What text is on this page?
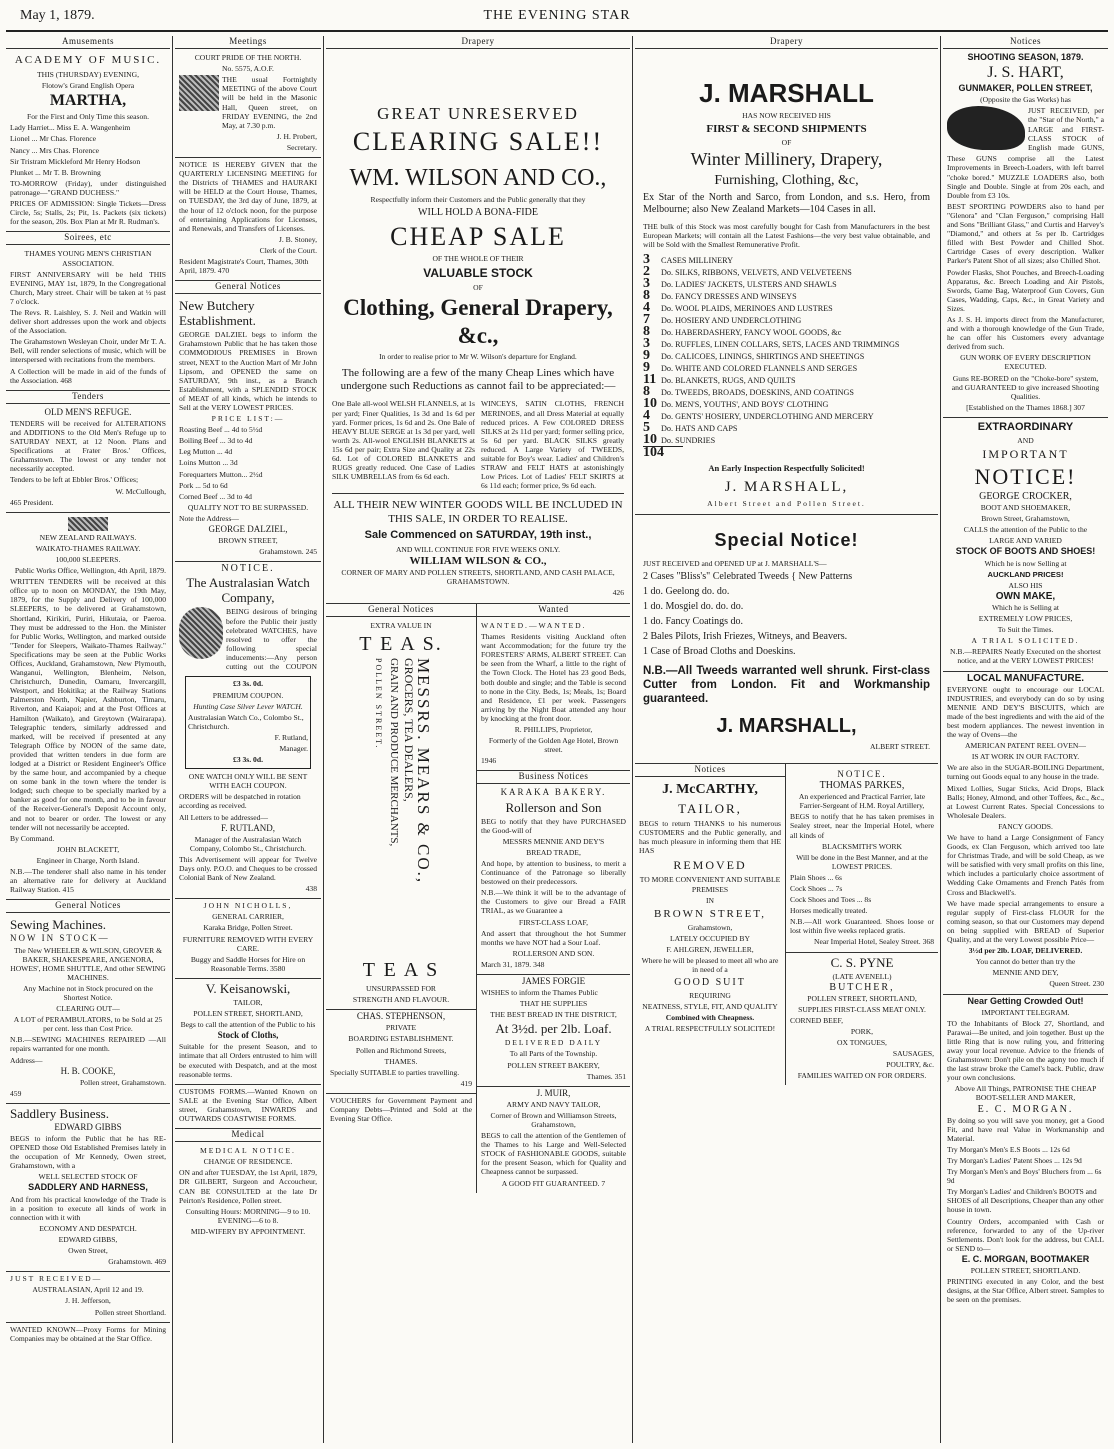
May 1, 1879.	THE EVENING STAR
Amusements

ACADEMY OF MUSIC.

THIS (THURSDAY) EVENING,

Flotow's Grand English Opera

MARTHA,

For the First and Only Time this season.

Lady Harriet... Miss E. A. Wangenheim

Lionel ... Mr Chas. Florence

Nancy ... Mrs Chas. Florence

Sir Tristram Mickleford Mr Henry Hodson

Plunket ... Mr T. B. Browning

TO-MORROW (Friday), under distinguished patronage—"GRAND DUCHESS."

PRICES OF ADMISSION: Single Tickets—Dress Circle, 5s; Stalls, 2s; Pit, 1s. Packets (six tickets) for the season, 20s. Box Plan at Mr R. Rudman's.

Soirees, etc

THAMES YOUNG MEN'S CHRISTIAN ASSOCIATION.

FIRST ANNIVERSARY will be held THIS EVENING, MAY 1st, 1879, In the Congregational Church, Mary street. Chair will be taken at ½ past 7 o'clock.

The Revs. R. Laishley, S. J. Neil and Watkin will deliver short addresses upon the work and objects of the Association.

The Grahamstown Wesleyan Choir, under Mr T. A. Bell, will render selections of music, which will be interspersed with recitations from the members.

A Collection will be made in aid of the funds of the Association. 468

Tenders

OLD MEN'S REFUGE.

TENDERS will be received for ALTERATIONS and ADDITIONS to the Old Men's Refuge up to SATURDAY NEXT, at 12 Noon. Plans and Specifications at Frater Bros.' Offices, Grahamstown. The lowest or any tender not necessarily accepted.

Tenders to be left at Ebbler Bros.' Offices;

W. McCullough,

465 President.

NEW ZEALAND RAILWAYS.

WAIKATO-THAMES RAILWAY.

100,000 SLEEPERS.

Public Works Office, Wellington, 4th April, 1879.

WRITTEN TENDERS will be received at this office up to noon on MONDAY, the 19th May, 1879, for the Supply and Delivery of 100,000 SLEEPERS, to be delivered at Grahamstown, Shortland, Kirikiri, Puriri, Hikutaia, or Paeroa. They must be addressed to the Hon. the Minister for Public Works, Wellington, and marked outside "Tender for Sleepers, Waikato-Thames Railway." Specifications may be seen at the Public Works Offices, Auckland, Grahamstown, New Plymouth, Wanganui, Wellington, Blenheim, Nelson, Christchurch, Dunedin, Oamaru, Invercargill, Westport, and Hokitika; at the Railway Stations Palmerston North, Napier, Ashburton, Timaru, Riverton, and Kaiapoi; and at the Post Offices at Hamilton (Waikato), and Greytown (Wairarapa). Telegraphic tenders, similarly addressed and marked, will be received if presented at any Telegraph Office by NOON of the same date, provided that written tenders in due form are lodged at a District or Resident Engineer's Office by the same hour, and accompanied by a cheque on some bank in the town where the tender is lodged; such cheque to be specially marked by a banker as good for one month, and to be in favour of the Receiver-General's Deposit Account only, and not to bearer or order. The lowest or any tender will not necessarily be accepted.

By Command.

JOHN BLACKETT,

Engineer in Charge, North Island.

N.B.—The tenderer shall also name in his tender an alternative rate for delivery at Auckland Railway Station. 415

General Notices

Sewing Machines.

NOW IN STOCK—

The New WHEELER & WILSON, GROVER & BAKER, SHAKESPEARE, ANGENORA, HOWES', HOME SHUTTLE, And other SEWING MACHINES.

Any Machine not in Stock procured on the Shortest Notice.

CLEARING OUT—

A LOT of PERAMBULATORS, to be Sold at 25 per cent. less than Cost Price.

N.B.—SEWING MACHINES REPAIRED —All repairs warranted for one month.

Address—

H. B. COOKE,

Pollen street, Grahamstown.

459

Saddlery Business.

EDWARD GIBBS

BEGS to inform the Public that he has RE-OPENED those Old Established Premises lately in the occupation of Mr Kennedy, Owen street, Grahamstown, with a

WELL SELECTED STOCK OF

SADDLERY AND HARNESS,

And from his practical knowledge of the Trade is in a position to execute all kinds of work in connection with it with

ECONOMY AND DESPATCH.

EDWARD GIBBS,

Owen Street,

Grahamstown. 469

JUST RECEIVED—

AUSTRALASIAN, April 12 and 19.

J. H. Jefferson,

Pollen street Shortland.

WANTED KNOWN—Proxy Forms for Mining Companies may be obtained at the Star Office.

Meetings

COURT PRIDE OF THE NORTH.

No. 5575, A.O.F.

THE usual Fortnightly MEETING of the above Court will be held in the Masonic Hall, Queen street, on FRIDAY EVENING, the 2nd May, at 7.30 p.m.

J. H. Probert,

Secretary.

NOTICE IS HEREBY GIVEN that the QUARTERLY LICENSING MEETING for the Districts of THAMES and HAURAKI will be HELD at the Court House, Thames, on TUESDAY, the 3rd day of June, 1879, at the hour of 12 o'clock noon, for the purpose of entertaining Applications for Licenses, and Renewals, and Transfers of Licenses.

J. B. Stoney,

Clerk of the Court.

Resident Magistrate's Court, Thames, 30th April, 1879. 470

General Notices

New Butchery Establishment.

GEORGE DALZIEL begs to inform the Grahamstown Public that he has taken those COMMODIOUS PREMISES in Brown street, NEXT to the Auction Mart of Mr John Lipsom, and OPENED the same on SATURDAY, 9th inst., as a Branch Establishment, with a SPLENDID STOCK of MEAT of all kinds, which he intends to Sell at the VERY LOWEST PRICES.

PRICE LIST:—

Roasting Beef ... 4d to 5½d

Boiling Beef ... 3d to 4d

Leg Mutton ... 4d

Loins Mutton ... 3d

Forequarters Mutton... 2½d

Pork ... 5d to 6d

Corned Beef ... 3d to 4d

QUALITY NOT TO BE SURPASSED.

Note the Address—

GEORGE DALZIEL,

BROWN STREET,

Grahamstown. 245

NOTICE.

The Australasian Watch Company,

BEING desirous of bringing before the Public their justly celebrated WATCHES, have resolved to offer the following special inducements:—Any person cutting out the COUPON

£3 3s. 0d.

PREMIUM COUPON.

Hunting Case Silver Lever WATCH.

Australasian Watch Co., Colombo St., Christchurch.

F. Rutland,

Manager.

£3 3s. 0d.

ONE WATCH ONLY WILL BE SENT WITH EACH COUPON.

ORDERS will be despatched in rotation according as received.

All Letters to be addressed—

F. RUTLAND,

Manager of the Australasian Watch Company, Colombo St., Christchurch.

This Advertisement will appear for Twelve Days only. P.O.O. and Cheques to be crossed Colonial Bank of New Zealand.

438

JOHN NICHOLLS,

GENERAL CARRIER,

Karaka Bridge, Pollen Street.

FURNITURE REMOVED WITH EVERY CARE.

Buggy and Saddle Horses for Hire on Reasonable Terms. 3580

V. Keisanowski,

TAILOR,

POLLEN STREET, SHORTLAND,

Begs to call the attention of the Public to his

Stock of Cloths,

Suitable for the present Season, and to intimate that all Orders entrusted to him will be executed with Despatch, and at the most reasonable terms.

CUSTOMS FORMS.—Wanted Known on SALE at the Evening Star Office, Albert street, Grahamstown, INWARDS and OUTWARDS COASTWISE FORMS.

Medical

MEDICAL NOTICE.

CHANGE OF RESIDENCE.

ON and after TUESDAY, the 1st April, 1879, DR GILBERT, Surgeon and Accoucheur, CAN BE CONSULTED at the late Dr Peirton's Residence, Pollen street.

Consulting Hours: MORNING—9 to 10. EVENING—6 to 8.

MID-WIFERY BY APPOINTMENT.

Drapery

GREAT UNRESERVED

CLEARING SALE!!

WM. WILSON AND CO.,

Respectfully inform their Customers and the Public generally that they

WILL HOLD A BONA-FIDE

CHEAP SALE

OF THE WHOLE OF THEIR

VALUABLE STOCK

OF

Clothing, General Drapery, &c.,

In order to realise prior to Mr W. Wilson's departure for England.

The following are a few of the many Cheap Lines which have undergone such Reductions as cannot fail to be appreciated:—

One Bale all-wool WELSH FLANNELS, at 1s per yard; Finer Qualities, 1s 3d and 1s 6d per yard. Former prices, 1s 6d and 2s. One Bale of HEAVY BLUE SERGE at 1s 3d per yard, well worth 2s. All-wool ENGLISH BLANKETS at 15s 6d per pair; Extra Size and Quality at 22s 6d. Lot of COLORED BLANKETS and RUGS greatly reduced. One Case of Ladies SILK UMBRELLAS from 6s 6d each.
WINCEYS, SATIN CLOTHS, FRENCH MERINOES, and all Dress Material at equally reduced prices. A Few COLORED DRESS SILKS at 2s 11d per yard; former selling price, 5s 6d per yard. BLACK SILKS greatly reduced. A Large Variety of TWEEDS, suitable for Boy's wear. Ladies' and Children's STRAW and FELT HATS at astonishingly Low Prices. Lot of Ladies' FELT SKIRTS at 6s 11d each; former price, 9s 6d each.

ALL THEIR NEW WINTER GOODS WILL BE INCLUDED IN THIS SALE, IN ORDER TO REALISE.

Sale Commenced on SATURDAY, 19th inst.,

AND WILL CONTINUE FOR FIVE WEEKS ONLY.

WILLIAM WILSON & CO.,

CORNER OF MARY AND POLLEN STREETS, SHORTLAND, AND CASH PALACE, GRAHAMSTOWN.

426

General Notices

EXTRA VALUE IN

T E A S.

POLLEN STREET. GRAIN AND PRODUCE MERCHANTS, GROCERS, TEA DEALERS,
MESSRS. MEARS & CO.,

T E A S

UNSURPASSED FOR

STRENGTH AND FLAVOUR.

CHAS. STEPHENSON,

PRIVATE

BOARDING ESTABLISHMENT.

Pollen and Richmond Streets,

THAMES.

Specially SUITABLE to parties travelling.

419

VOUCHERS for Government Payment and Company Debts—Printed and Sold at the Evening Star Office.

Wanted

WANTED.—WANTED.

Thames Residents visiting Auckland often want Accommodation; for the future try the FORESTERS' ARMS, ALBERT STREET. Can be seen from the Wharf, a little to the right of the Town Clock. The Hotel has 23 good Beds, both double and single; and the Table is second to none in the City. Beds, 1s; Meals, 1s; Board and Residence, £1 per week. Passengers arriving by the Night Boat attended any hour by knocking at the front door.

R. PHILLIPS, Proprietor,

Formerly of the Golden Age Hotel, Brown street.

1946

Business Notices

KARAKA BAKERY.

Rollerson and Son

BEG to notify that they have PURCHASED the Good-will of

MESSRS MENNIE AND DEY'S

BREAD TRADE,

And hope, by attention to business, to merit a Continuance of the Patronage so liberally bestowed on their predecessors.

N.B.—We think it will be to the advantage of the Customers to give our Bread a FAIR TRIAL, as we Guarantee a

FIRST-CLASS LOAF,

And assert that throughout the hot Summer months we have NOT had a Sour Loaf.

ROLLERSON AND SON.

March 31, 1879. 348

JAMES FORGIE

WISHES to inform the Thames Public

THAT HE SUPPLIES

THE BEST BREAD IN THE DISTRICT,

At 3½d. per 2lb. Loaf.

DELIVERED DAILY

To all Parts of the Township.

POLLEN STREET BAKERY,

Thames. 351

J. MUIR,

ARMY AND NAVY TAILOR,

Corner of Brown and Williamson Streets, Grahamstown,

BEGS to call the attention of the Gentlemen of the Thames to his Large and Well-Selected STOCK of FASHIONABLE GOODS, suitable for the present Season, which for Quality and Cheapness cannot be surpassed.

A GOOD FIT GUARANTEED. 7

Drapery

J. MARSHALL

HAS NOW RECEIVED HIS

FIRST & SECOND SHIPMENTS

OF

Winter Millinery, Drapery,

Furnishing, Clothing, &c,

Ex Star of the North and Sarco, from London, and s.s. Hero, from Melbourne; also New Zealand Markets—104 Cases in all.

THE bulk of this Stock was most carefully bought for Cash from Manufacturers in the best European Markets; will contain all the Latest Fashions—the very best value obtainable, and will be Sold with the Smallest Remunerative Profit.

3	CASES MILLINERY
2	Do. SILKS, RIBBONS, VELVETS, AND VELVETEENS
3	Do. LADIES' JACKETS, ULSTERS AND SHAWLS
8	Do. FANCY DRESSES AND WINSEYS
4	Do. WOOL PLAIDS, MERINOES AND LUSTRES
7	Do. HOSIERY AND UNDERCLOTHING
8	Do. HABERDASHERY, FANCY WOOL GOODS, &c
3	Do. RUFFLES, LINEN COLLARS, SETS, LACES AND TRIMMINGS
9	Do. CALICOES, LININGS, SHIRTINGS AND SHEETINGS
9	Do. WHITE AND COLORED FLANNELS AND SERGES
11 Do. BLANKETS, RUGS, AND QUILTS
8	Do. TWEEDS, BROADS, DOESKINS, AND COATINGS
10 Do. MEN'S, YOUTHS', AND BOYS' CLOTHING
4	Do. GENTS' HOSIERY, UNDERCLOTHING AND MERCERY
5	Do. HATS AND CAPS
10 Do. SUNDRIES
104

An Early Inspection Respectfully Solicited!

J. MARSHALL,

Albert Street and Pollen Street.

Special Notice!

JUST RECEIVED and OPENED UP at J. MARSHALL'S—

2 Cases "Bliss's" Celebrated Tweeds { New Patterns

1 do. Geelong do. do.

1 do. Mosgiel do. do. do.

1 do. Fancy Coatings do.

2 Bales Pilots, Irish Friezes, Witneys, and Beavers.

1 Case of Broad Cloths and Doeskins.

N.B.—All Tweeds warranted well shrunk. First-class Cutter from London. Fit and Workmanship guaranteed.

J. MARSHALL,

ALBERT STREET.

Notices

J. McCARTHY,

TAILOR,

BEGS to return THANKS to his numerous CUSTOMERS and the Public generally, and has much pleasure in informing them that HE HAS

REMOVED

TO MORE CONVENIENT AND SUITABLE PREMISES

IN

BROWN STREET,

Grahamstown,

LATELY OCCUPIED BY

F. AHLGREN, JEWELLER,

Where he will be pleased to meet all who are in need of a

GOOD SUIT

REQUIRING

NEATNESS, STYLE, FIT, AND QUALITY

Combined with Cheapness.

A TRIAL RESPECTFULLY SOLICITED!

NOTICE.

THOMAS PARKES,

An experienced and Practical Farrier, late Farrier-Sergeant of H.M. Royal Artillery,

BEGS to notify that he has taken premises in Sealey street, near the Imperial Hotel, where all kinds of

BLACKSMITH'S WORK

Will be done in the Best Manner, and at the LOWEST PRICES.

Plain Shoes ... 6s

Cock Shoes ... 7s

Cock Shoes and Toes ... 8s

Horses medically treated.

N.B.—All work Guaranteed. Shoes loose or lost within five weeks replaced gratis.

Near Imperial Hotel, Sealey Street. 368

C. S. PYNE

(LATE AVENELL)

BUTCHER,

POLLEN STREET, SHORTLAND,

SUPPLIES FIRST-CLASS MEAT ONLY.

CORNED BEEF,

PORK,

OX TONGUES,

SAUSAGES,

POULTRY, &c.

FAMILIES WAITED ON FOR ORDERS.

Notices

SHOOTING SEASON, 1879.

J. S. HART,

GUNMAKER, POLLEN STREET,

(Opposite the Gas Works) has

JUST RECEIVED, per the "Star of the North," a LARGE and FIRST-CLASS STOCK of English made GUNS,

These GUNS comprise all the Latest Improvements in Breech-Loaders, with left barrel "choke bored." MUZZLE LOADERS also, both Single and Double. Single at from 20s each, and Double from £3 10s.

BEST SPORTING POWDERS also to hand per "Glenora" and "Clan Ferguson," comprising Hall and Sons "Brilliant Glass," and Curtis and Harvey's "Diamond," and others at 5s per lb. Cartridges filled with Best Powder and Chilled Shot. Cartridge Cases of every description. Walker Parker's Patent Shot of all sizes; also Chilled Shot.

Powder Flasks, Shot Pouches, and Breech-Loading Apparatus, &c. Breech Loading and Air Pistols, Swords, Game Bag, Waterproof Gun Covers, Gun Cases, Wadding, Caps, &c., in Great Variety and Sizes.

As J. S. H. imports direct from the Manufacturer, and with a thorough knowledge of the Gun Trade, he can offer his Customers every advantage derived from such.

GUN WORK OF EVERY DESCRIPTION EXECUTED.

Guns RE-BORED on the "Choke-bore" system, and GUARANTEED to give increased Shooting Qualities.

[Established on the Thames 1868.] 307

EXTRAORDINARY

AND

IMPORTANT

NOTICE!

GEORGE CROCKER,

BOOT AND SHOEMAKER,

Brown Street, Grahamstown,

CALLS the attention of the Public to the

LARGE AND VARIED

STOCK OF BOOTS AND SHOES!

Which he is now Selling at

AUCKLAND PRICES!

ALSO HIS

OWN MAKE,

Which he is Selling at

EXTREMELY LOW PRICES,

To Suit the Times.

A TRIAL SOLICITED.

N.B.—REPAIRS Neatly Executed on the shortest notice, and at the VERY LOWEST PRICES!

LOCAL MANUFACTURE.

EVERYONE ought to encourage our LOCAL INDUSTRIES, and everybody can do so by using MENNIE AND DEY'S BISCUITS, which are made of the best ingredients and with the aid of the best modern appliances. The newest invention in the way of Ovens—the

AMERICAN PATENT REEL OVEN—

IS AT WORK IN OUR FACTORY.

We are also in the SUGAR-BOILING Department, turning out Goods equal to any house in the trade.

Mixed Lollies, Sugar Sticks, Acid Drops, Black Balls; Honey, Almond, and other Toffees, &c., &c., at Lowest Current Rates. Special Concessions to Wholesale Dealers.

FANCY GOODS.

We have to hand a Large Consignment of Fancy Goods, ex Clan Ferguson, which arrived too late for Christmas Trade, and will be sold Cheap, as we will be satisfied with very small profits on this line, which includes a particularly choice assortment of Wedding Cake Ornaments and French Patés from Cross and Blackwell's.

We have made special arrangements to ensure a regular supply of First-class FLOUR for the coming season, so that our Customers may depend on being supplied with BREAD of Superior Quality, and at the very Lowest possible Price—

3½d per 2lb. LOAF, DELIVERED.

You cannot do better than try the

MENNIE AND DEY,

Queen Street. 230

Near Getting Crowded Out!

IMPORTANT TELEGRAM.

TO the Inhabitants of Block 27, Shortland, and Parawai—Be united, and join together. Bust up the little Ring that is now ruling you, and frittering away your local revenue. Advice to the friends of Grahamstown: Don't pile on the agony too much if the last straw broke the Camel's back. Public, draw your own conclusions.

Above All Things, PATRONISE THE CHEAP BOOT-SELLER AND MAKER,

E. C. MORGAN.

By doing so you will save you money, get a Good Fit, and have real Value in Workmanship and Material.

Try Morgan's Men's E.S Boots ... 12s 6d

Try Morgan's Ladies' Patent Shoes ... 12s 9d

Try Morgan's Men's and Boys' Bluchers from ... 6s 9d

Try Morgan's Ladies' and Children's BOOTS and SHOES of all Descriptions, Cheaper than any other house in town.

Country Orders, accompanied with Cash or reference, forwarded to any of the Up-river Settlements. Don't look for the address, but CALL or SEND to—

E. C. MORGAN, BOOTMAKER

POLLEN STREET, SHORTLAND.

PRINTING executed in any Color, and the best designs, at the Star Office, Albert street. Samples to be seen on the premises.
